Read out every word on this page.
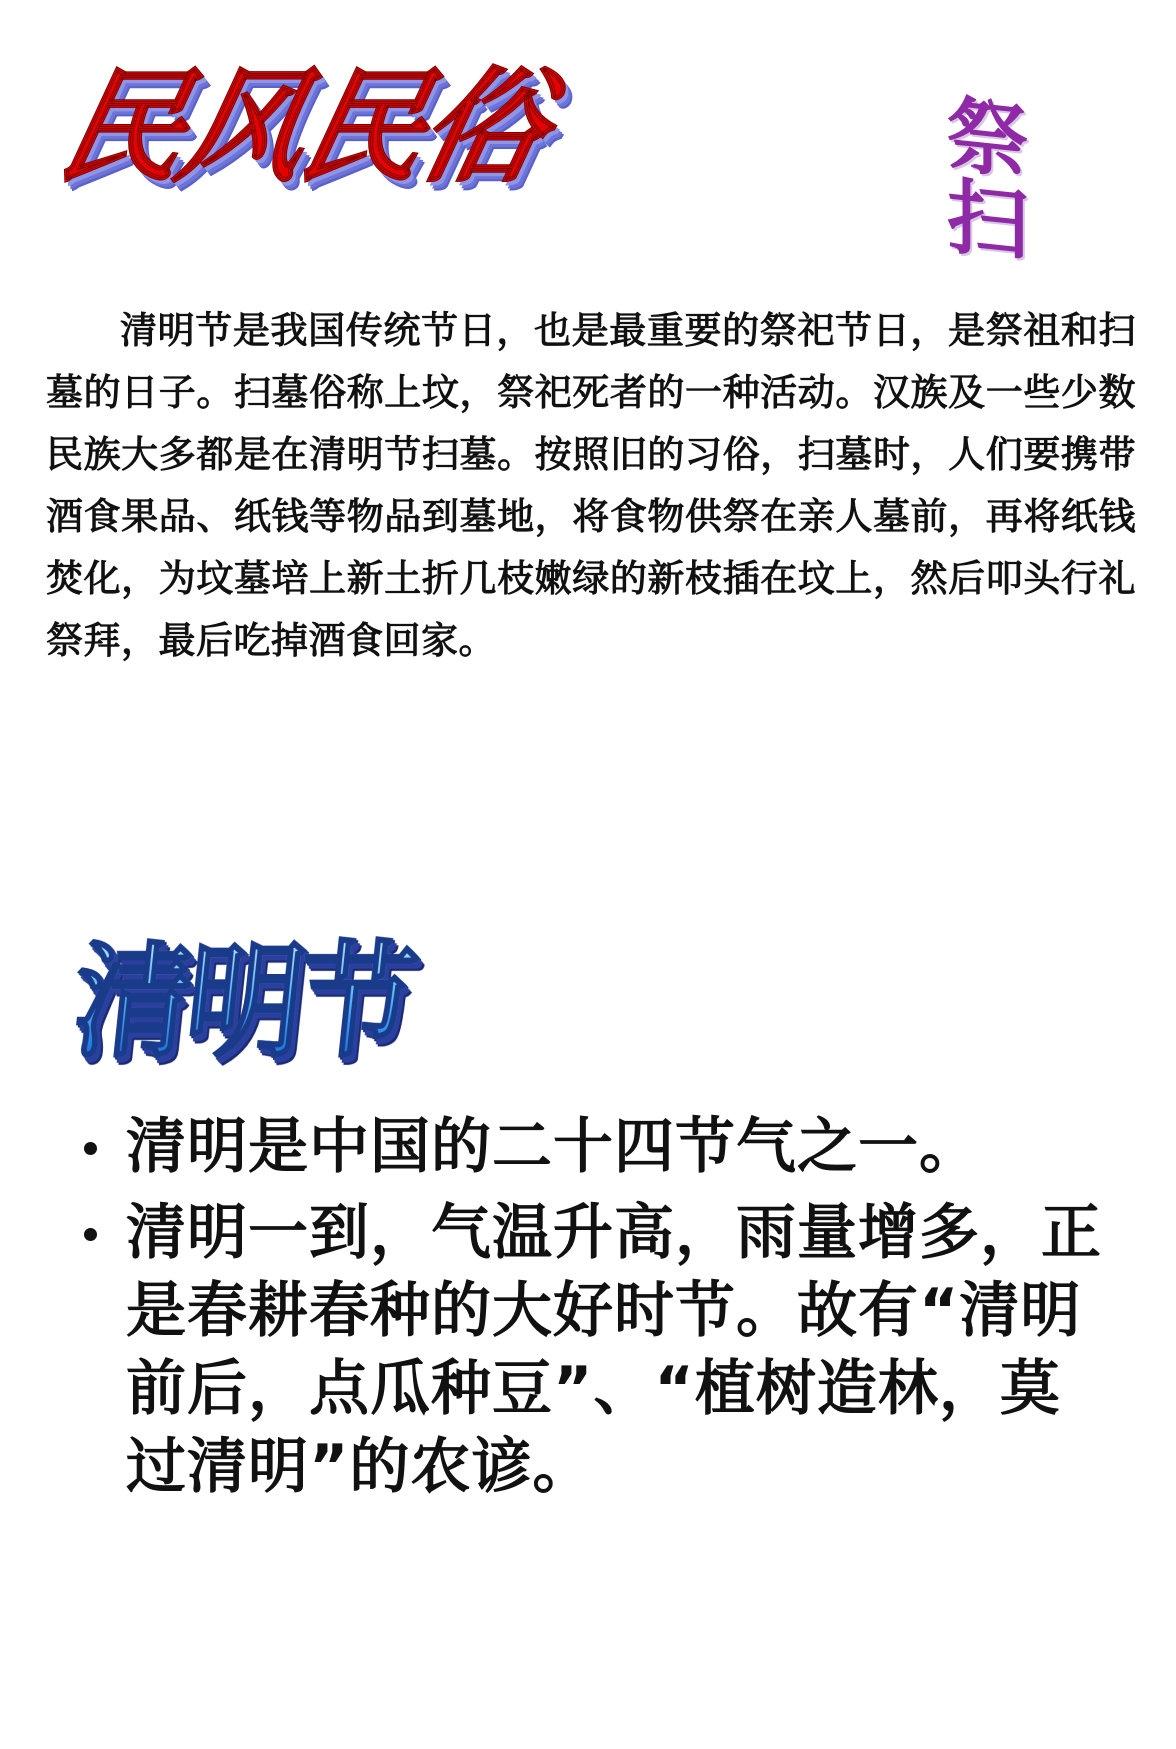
民风民俗	祭扫

清明节是我国传统节日，也是最重要的祭祀节日，是祭祖和扫墓的日子。扫墓俗称上坟，祭祀死者的一种活动。汉族及一些少数民族大多都是在清明节扫墓。按照旧的习俗，扫墓时，人们要携带酒食果品、纸钱等物品到墓地，将食物供祭在亲人墓前，再将纸钱焚化，为坟墓培上新土折几枝嫩绿的新枝插在坟上，然后叩头行礼祭拜，最后吃掉酒食回家。

清明节
清明是中国的二十四节气之一。
清明一到，气温升高，雨量增多，正是春耕春种的大好时节。故有“清明前后，点瓜种豆”、“植树造林，莫过清明”的农谚。
